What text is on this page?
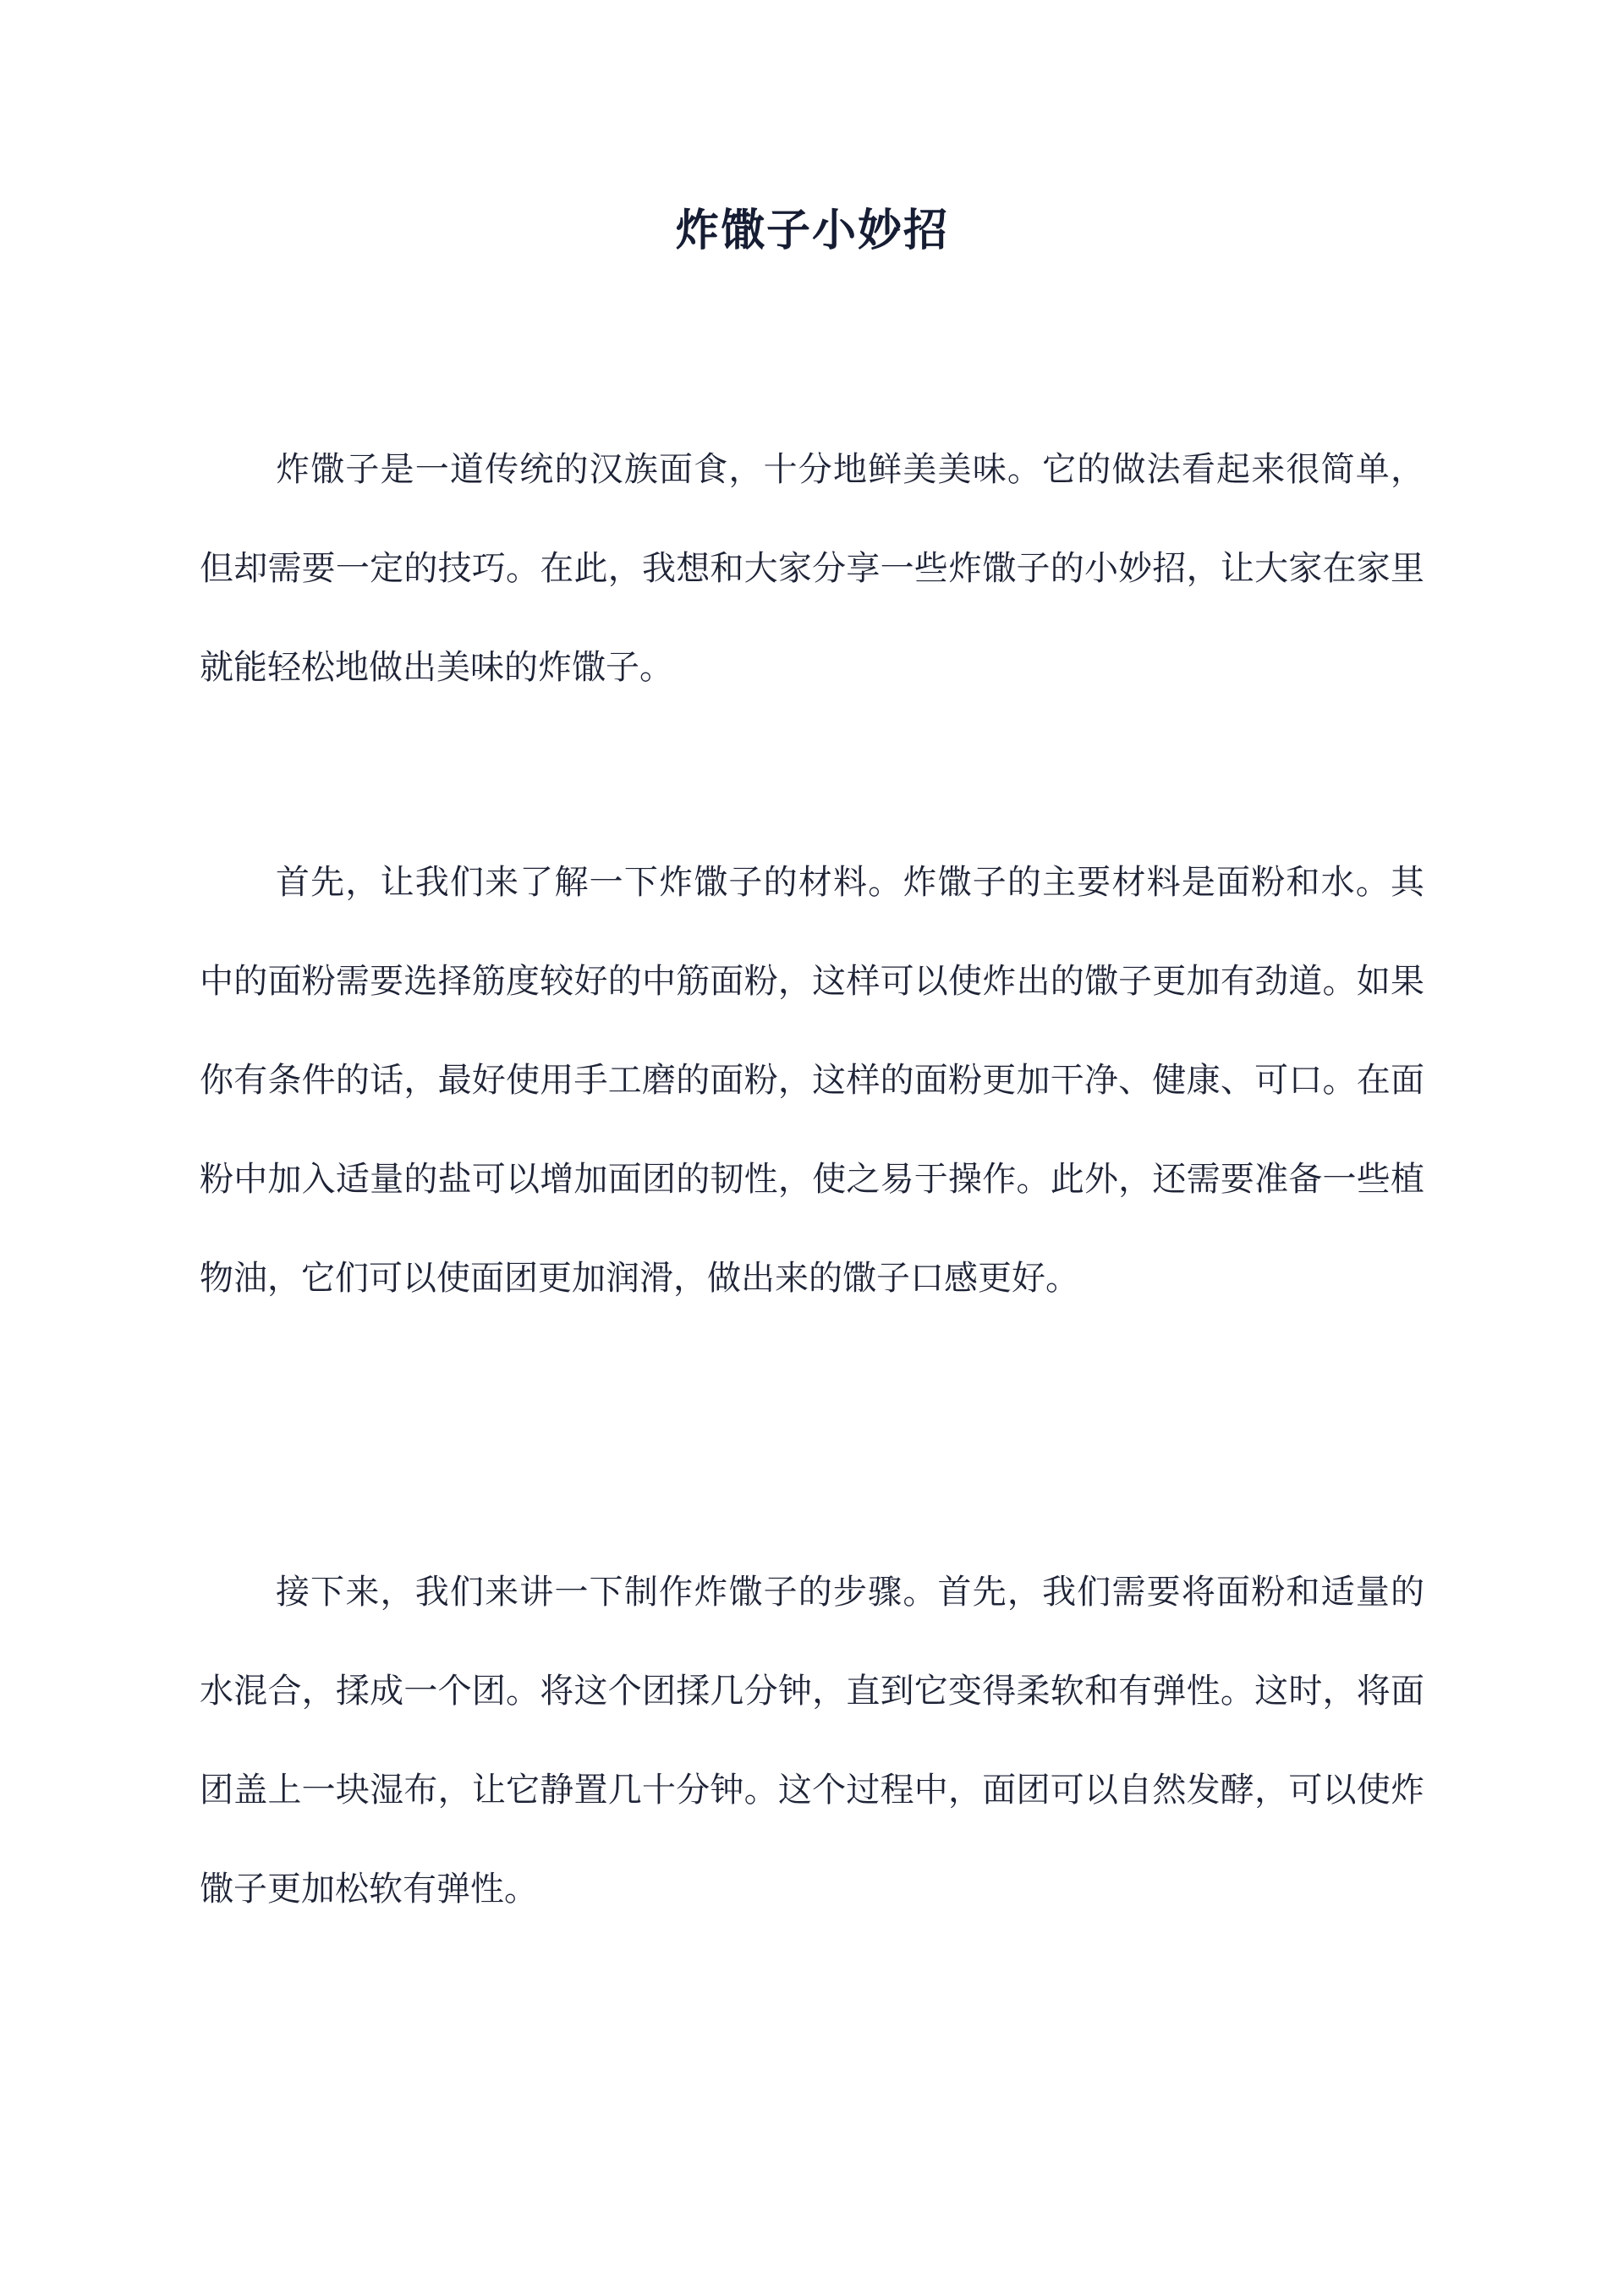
炸馓子小妙招

炸馓子是一道传统的汉族面食，十分地鲜美美味。它的做法看起来很简单，但却需要一定的技巧。在此，我想和大家分享一些炸馓子的小妙招，让大家在家里就能轻松地做出美味的炸馓子。

首先，让我们来了解一下炸馓子的材料。炸馓子的主要材料是面粉和水。其中的面粉需要选择筋度较好的中筋面粉，这样可以使炸出的馓子更加有劲道。如果你有条件的话，最好使用手工磨的面粉，这样的面粉更加干净、健康、可口。在面粉中加入适量的盐可以增加面团的韧性，使之易于操作。此外，还需要准备一些植物油，它们可以使面团更加润滑，做出来的馓子口感更好。

接下来，我们来讲一下制作炸馓子的步骤。首先，我们需要将面粉和适量的水混合，揉成一个团。将这个团揉几分钟，直到它变得柔软和有弹性。这时，将面团盖上一块湿布，让它静置几十分钟。这个过程中，面团可以自然发酵，可以使炸馓子更加松软有弹性。
